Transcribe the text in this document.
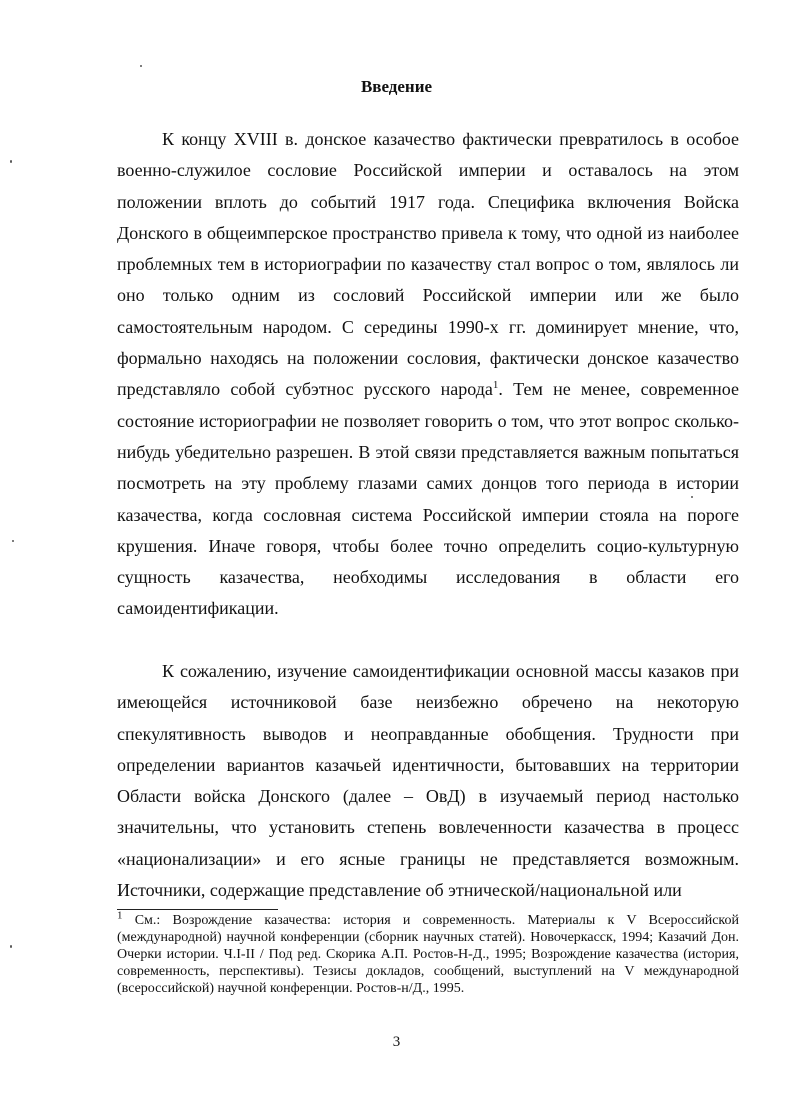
Введение

К концу XVIII в. донское казачество фактически превратилось в особое военно-служилое сословие Российской империи и оставалось на этом положении вплоть до событий 1917 года. Специфика включения Войска Донского в общеимперское пространство привела к тому, что одной из наиболее проблемных тем в историографии по казачеству стал вопрос о том, являлось ли оно только одним из сословий Российской империи или же было самостоятельным народом. С середины 1990-х гг. доминирует мнение, что, формально находясь на положении сословия, фактически донское казачество представляло собой субэтнос русского народа$^1$. Тем не менее, современное состояние историографии не позволяет говорить о том, что этот вопрос сколько-нибудь убедительно разрешен. В этой связи представляется важным попытаться посмотреть на эту проблему глазами самих донцов того периода в истории казачества, когда сословная система Российской империи стояла на пороге крушения. Иначе говоря, чтобы более точно определить социо-культурную сущность казачества, необходимы исследования в области его самоидентификации.

К сожалению, изучение самоидентификации основной массы казаков при имеющейся источниковой базе неизбежно обречено на некоторую спекулятивность выводов и неоправданные обобщения. Трудности при определении вариантов казачьей идентичности, бытовавших на территории Области войска Донского (далее – ОвД) в изучаемый период настолько значительны, что установить степень вовлеченности казачества в процесс «национализации» и его ясные границы не представляется возможным. Источники, содержащие представление об этнической/национальной или

$^1$ См.: Возрождение казачества: история и современность. Материалы к V Всероссийской (международной) научной конференции (сборник научных статей). Новочеркасск, 1994; Казачий Дон. Очерки истории. Ч.I-II / Под ред. Скорика А.П. Ростов-Н-Д., 1995; Возрождение казачества (история, современность, перспективы). Тезисы докладов, сообщений, выступлений на V международной (всероссийской) научной конференции. Ростов-н/Д., 1995.

3
